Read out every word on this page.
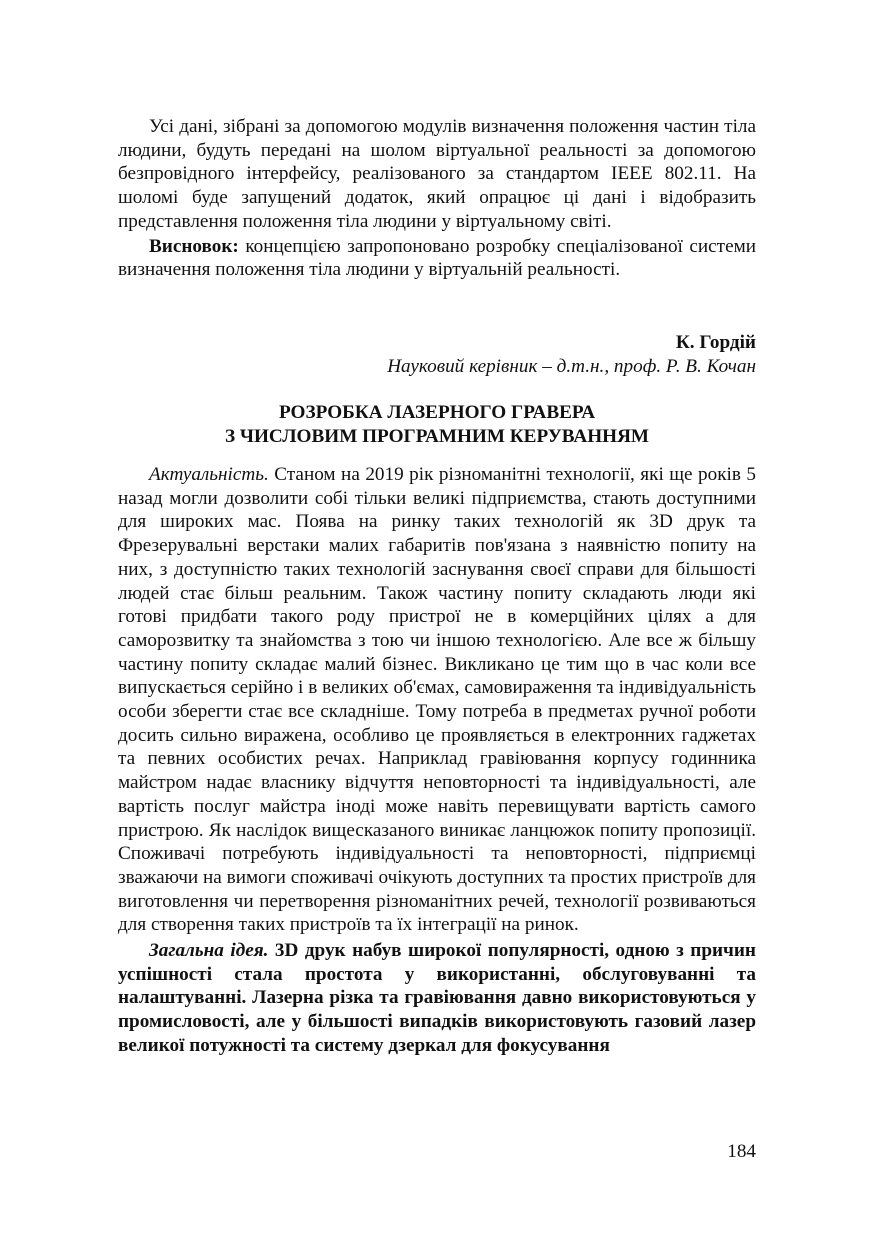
Усі дані, зібрані за допомогою модулів визначення положення частин тіла людини, будуть передані на шолом віртуальної реальності за допомогою безпровідного інтерфейсу, реалізованого за стандартом IEEE 802.11. На шоломі буде запущений додаток, який опрацює ці дані і відобразить представлення положення тіла людини у віртуальному світі.

Висновок: концепцією запропоновано розробку спеціалізованої системи визначення положення тіла людини у віртуальній реальності.

К. Гордій
Науковий керівник – д.т.н., проф. Р. В. Кочан
РОЗРОБКА ЛАЗЕРНОГО ГРАВЕРА
З ЧИСЛОВИМ ПРОГРАМНИМ КЕРУВАННЯМ

Актуальність. Станом на 2019 рік різноманітні технології, які ще років 5 назад могли дозволити собі тільки великі підприємства, стають доступними для широких мас. Поява на ринку таких технологій як 3D друк та Фрезерувальні верстаки малих габаритів пов'язана з наявністю попиту на них, з доступністю таких технологій заснування своєї справи для більшості людей стає більш реальним. Також частину попиту складають люди які готові придбати такого роду пристрої не в комерційних цілях а для саморозвитку та знайомства з тою чи іншою технологією. Але все ж більшу частину попиту складає малий бізнес. Викликано це тим що в час коли все випускається серійно і в великих об'ємах, самовираження та індивідуальність особи зберегти стає все складніше. Тому потреба в предметах ручної роботи досить сильно виражена, особливо це проявляється в електронних гаджетах та певних особистих речах. Наприклад гравіювання корпусу годинника майстром надає власнику відчуття неповторності та індивідуальності, але вартість послуг майстра іноді може навіть перевищувати вартість самого пристрою. Як наслідок вищесказаного виникає ланцюжок попиту пропозиції. Споживачі потребують індивідуальності та неповторності, підприємці зважаючи на вимоги споживачі очікують доступних та простих пристроїв для виготовлення чи перетворення різноманітних речей, технології розвиваються для створення таких пристроїв та їх інтеграції на ринок.

Загальна ідея. 3D друк набув широкої популярності, одною з причин успішності стала простота у використанні, обслуговуванні та налаштуванні. Лазерна різка та гравіювання давно використовуються у промисловості, але у більшості випадків використовують газовий лазер великої потужності та систему дзеркал для фокусування

184
